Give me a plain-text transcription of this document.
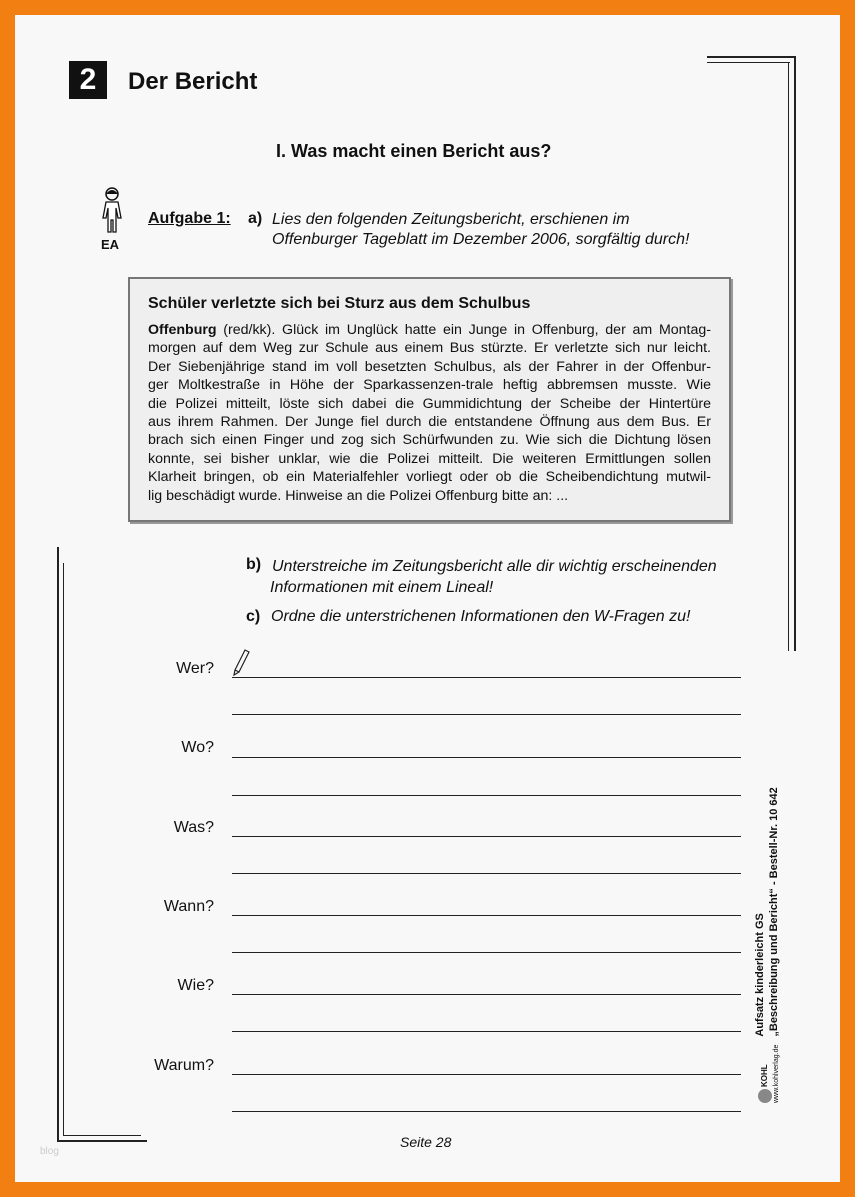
2	Der Bericht
I. Was macht einen Bericht aus?
EA
Aufgabe 1: a) Lies den folgenden Zeitungsbericht, erschienen im
Offenburger Tageblatt im Dezember 2006, sorgfältig durch!
Schüler verletzte sich bei Sturz aus dem Schulbus
Offenburg (red/kk). Glück im Unglück hatte ein Junge in Offenburg, der am Montag-
morgen auf dem Weg zur Schule aus einem Bus stürzte. Er verletzte sich nur leicht.
Der Siebenjährige stand im voll besetzten Schulbus, als der Fahrer in der Offenbur-
ger Moltkestraße in Höhe der Sparkassenzen-trale heftig abbremsen musste. Wie
die Polizei mitteilt, löste sich dabei die Gummidichtung der Scheibe der Hintertüre
aus ihrem Rahmen. Der Junge fiel durch die entstandene Öffnung aus dem Bus. Er
brach sich einen Finger und zog sich Schürfwunden zu. Wie sich die Dichtung lösen
konnte, sei bisher unklar, wie die Polizei mitteilt. Die weiteren Ermittlungen sollen
Klarheit bringen, ob ein Materialfehler vorliegt oder ob die Scheibendichtung mutwil-
lig beschädigt wurde. Hinweise an die Polizei Offenburg bitte an: ...
b) Unterstreiche im Zeitungsbericht alle dir wichtig erscheinenden
Informationen mit einem Lineal!
c) Ordne die unterstrichenen Informationen den W-Fragen zu!
Wer?
Wo?
Was?
Wann?
Wie?
Warum?
Seite 28
blog
KOHL www.kohlverlag.de
Aufsatz kinderleicht GS „Beschreibung und Bericht“ - Bestell-Nr. 10 642
